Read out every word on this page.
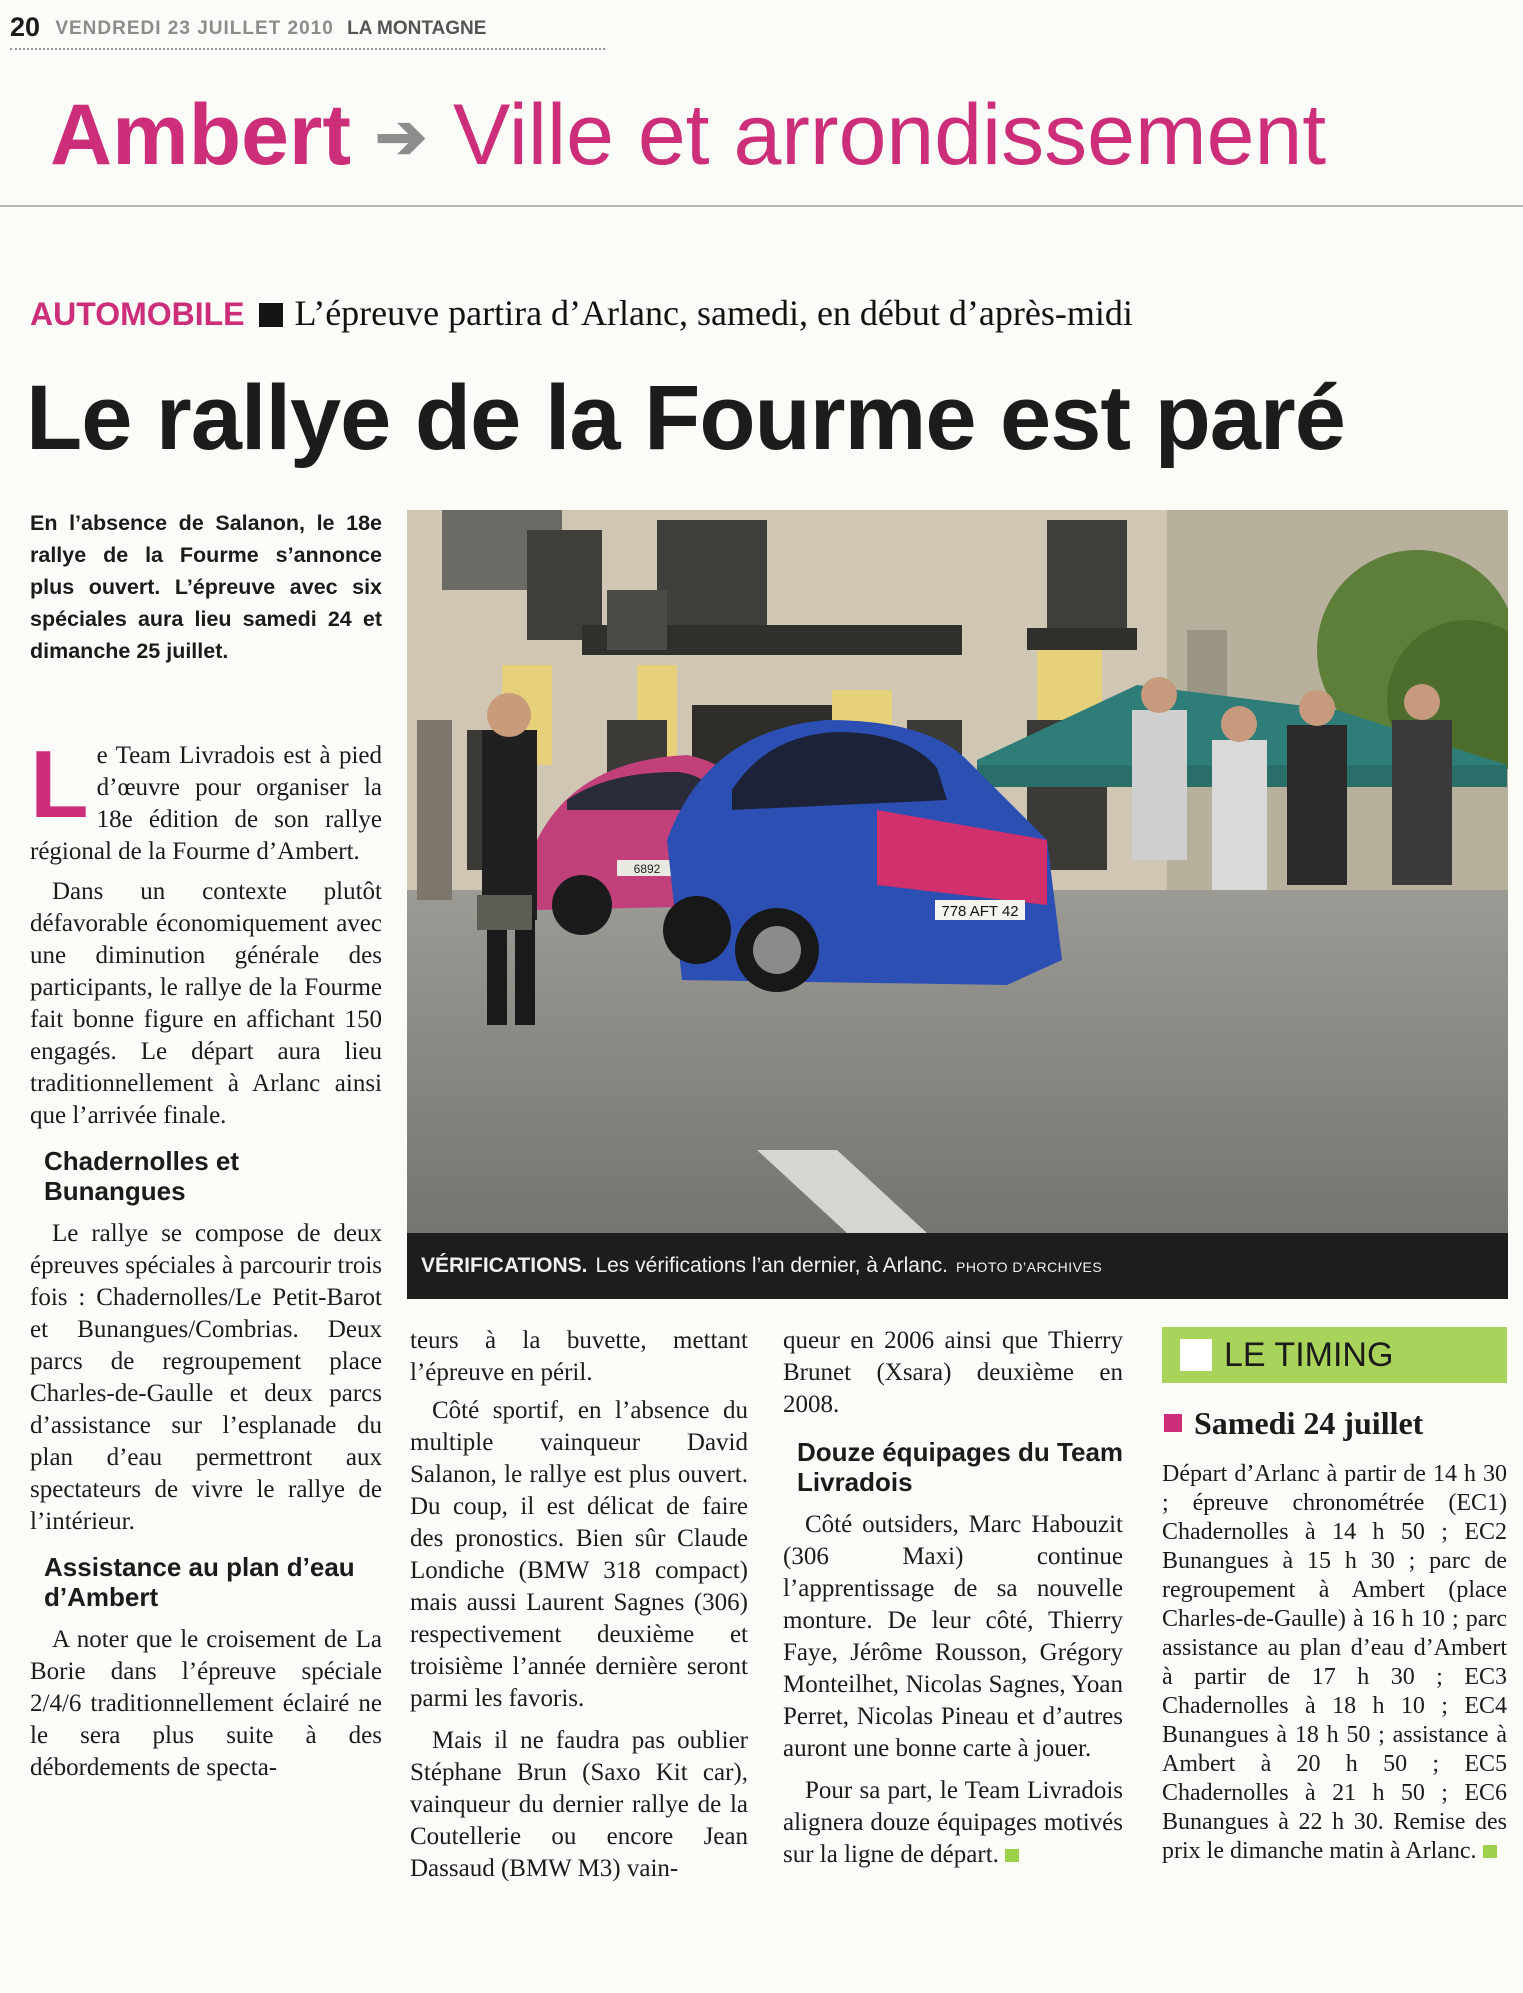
20 VENDREDI 23 JUILLET 2010 LA MONTAGNE
Ambert ➔ Ville et arrondissement
AUTOMOBILE L’épreuve partira d’Arlanc, samedi, en début d’après-midi
Le rallye de la Fourme est paré

En l’absence de Salanon, le 18e rallye de la Fourme s’annonce plus ouvert. L’épreuve avec six spéciales aura lieu samedi 24 et dimanche 25 juillet.

Le Team Livradois est à pied d’œuvre pour organiser la 18e édition de son rallye régional de la Fourme d’Ambert.

Dans un contexte plutôt défavorable économiquement avec une diminution générale des participants, le rallye de la Fourme fait bonne figure en affichant 150 engagés. Le départ aura lieu traditionnellement à Arlanc ainsi que l’arrivée finale.

Chadernolles et Bunangues

Le rallye se compose de deux épreuves spéciales à parcourir trois fois : Chadernolles/Le Petit-Barot et Bunangues/Combrias. Deux parcs de regroupement place Charles-de-Gaulle et deux parcs d’assistance sur l’esplanade du plan d’eau permettront aux spectateurs de vivre le rallye de l’intérieur.

Assistance au plan d’eau d’Ambert

A noter que le croisement de La Borie dans l’épreuve spéciale 2/4/6 traditionnellement éclairé ne le sera plus suite à des débordements de specta-

6892
778 AFT 42
VÉRIFICATIONS. Les vérifications l’an dernier, à Arlanc. PHOTO D’ARCHIVES

teurs à la buvette, mettant l’épreuve en péril.

Côté sportif, en l’absence du multiple vainqueur David Salanon, le rallye est plus ouvert. Du coup, il est délicat de faire des pronostics. Bien sûr Claude Londiche (BMW 318 compact) mais aussi Laurent Sagnes (306) respectivement deuxième et troisième l’année dernière seront parmi les favoris.

Mais il ne faudra pas oublier Stéphane Brun (Saxo Kit car), vainqueur du dernier rallye de la Coutellerie ou encore Jean Dassaud (BMW M3) vain-

queur en 2006 ainsi que Thierry Brunet (Xsara) deuxième en 2008.

Douze équipages du Team Livradois

Côté outsiders, Marc Habouzit (306 Maxi) continue l’apprentissage de sa nouvelle monture. De leur côté, Thierry Faye, Jérôme Rousson, Grégory Monteilhet, Nicolas Sagnes, Yoan Perret, Nicolas Pineau et d’autres auront une bonne carte à jouer.

Pour sa part, le Team Livradois alignera douze équipages motivés sur la ligne de départ.

LE TIMING
Samedi 24 juillet

Départ d’Arlanc à partir de 14 h 30 ; épreuve chronométrée (EC1) Chadernolles à 14 h 50 ; EC2 Bunangues à 15 h 30 ; parc de regroupement à Ambert (place Charles-de-Gaulle) à 16 h 10 ; parc assistance au plan d’eau d’Ambert à partir de 17 h 30 ; EC3 Chadernolles à 18 h 10 ; EC4 Bunangues à 18 h 50 ; assistance à Ambert à 20 h 50 ; EC5 Chadernolles à 21 h 50 ; EC6 Bunangues à 22 h 30. Remise des prix le dimanche matin à Arlanc.
